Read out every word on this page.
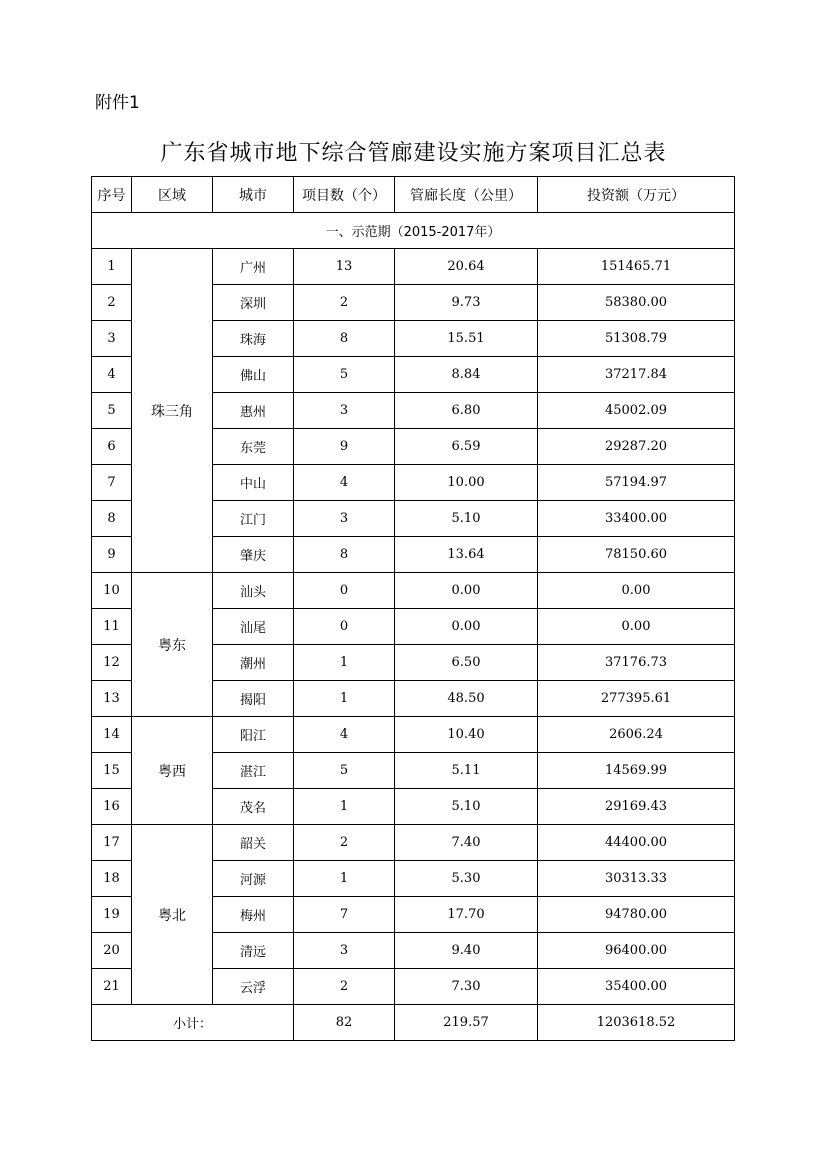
附件1
广东省城市地下综合管廊建设实施方案项目汇总表
序号	区域	城市	项目数（个）	管廊长度（公里）	投资额（万元）
一、示范期（2015-2017年）					
1	珠三角	广州	13	20.64	151465.71
2		深圳	2	9.73	58380.00
3		珠海	8	15.51	51308.79
4		佛山	5	8.84	37217.84
5		惠州	3	6.80	45002.09
6		东莞	9	6.59	29287.20
7		中山	4	10.00	57194.97
8		江门	3	5.10	33400.00
9		肇庆	8	13.64	78150.60
10	粤东	汕头	0	0.00	0.00
11		汕尾	0	0.00	0.00
12		潮州	1	6.50	37176.73
13		揭阳	1	48.50	277395.61
14	粤西	阳江	4	10.40	2606.24
15		湛江	5	5.11	14569.99
16		茂名	1	5.10	29169.43
17	粤北	韶关	2	7.40	44400.00
18		河源	1	5.30	30313.33
19		梅州	7	17.70	94780.00
20		清远	3	9.40	96400.00
21		云浮	2	7.30	35400.00
小计：			82	219.57	1203618.52
